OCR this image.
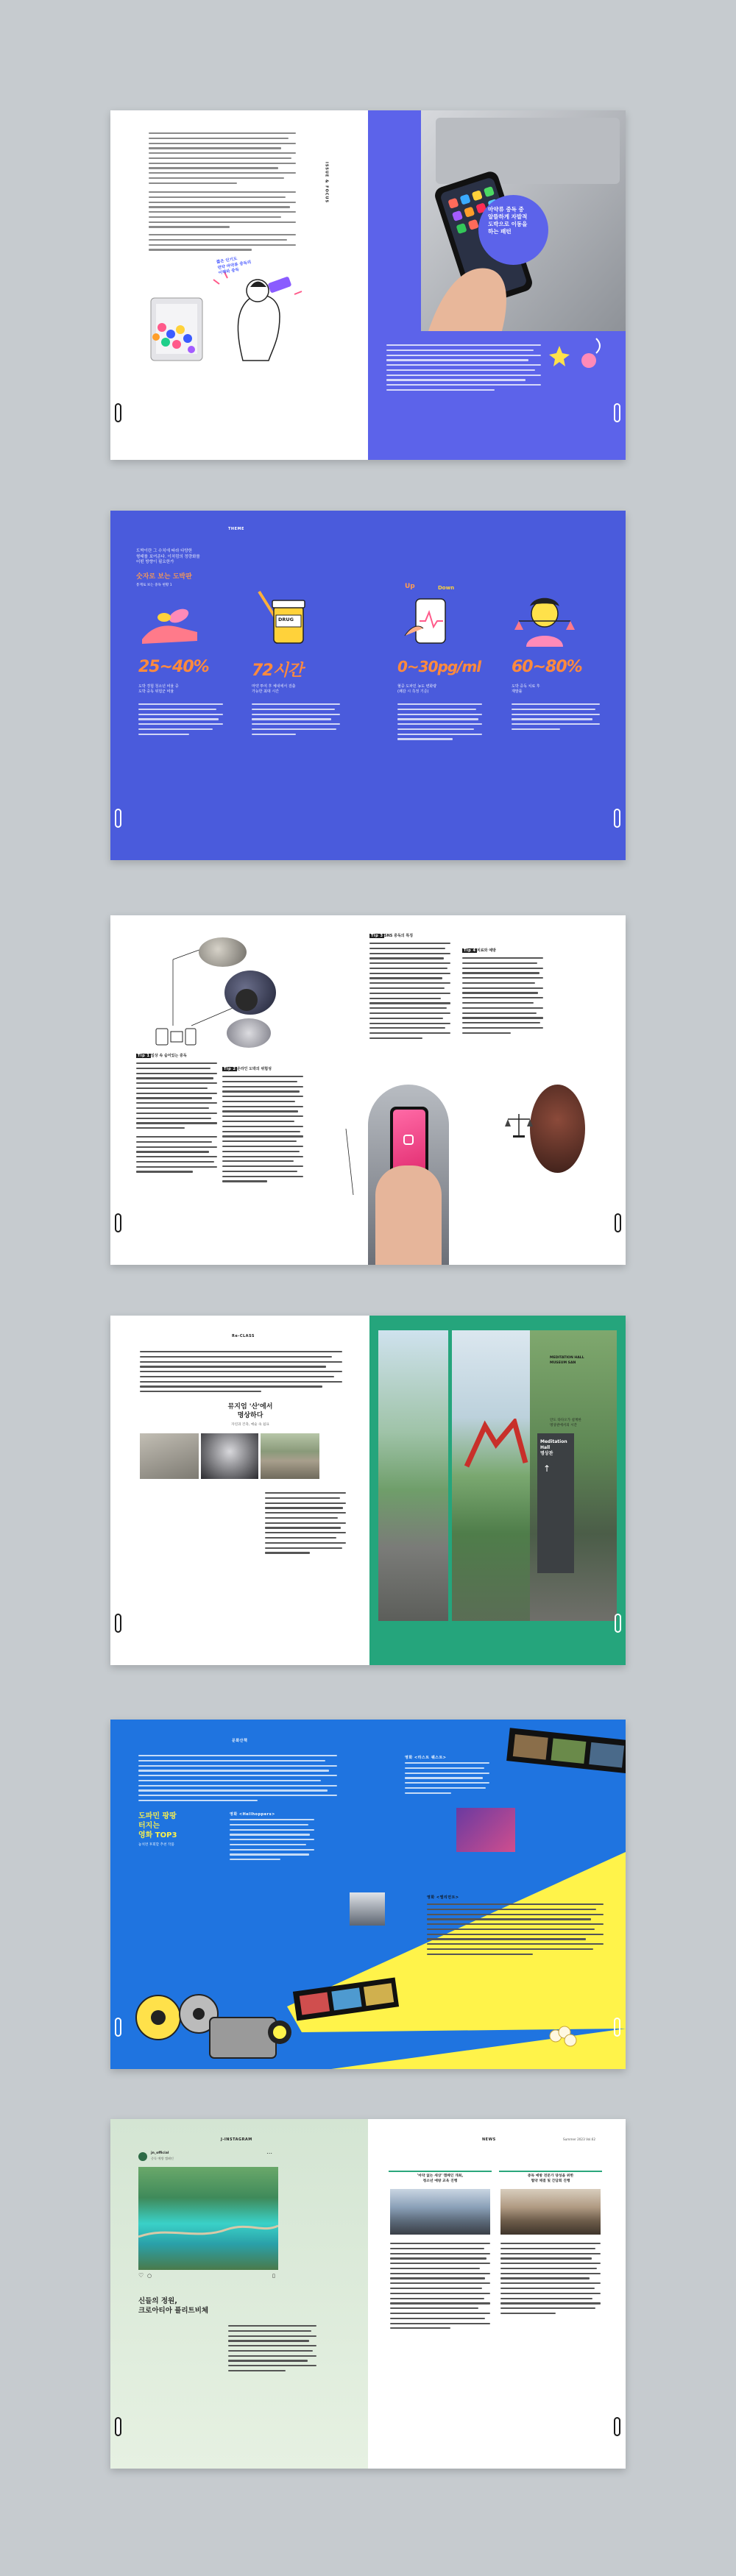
ISSUE & FOCUS
짧은 인기도
연약 마약류 중독의
이해와 중독
마약류 중독 중
알뜰하게 자발적
도박으로 이동을
하는 패턴
THEME
도박이란 그 수치에 따라 다양한
형태를 보여준다. 이처럼의 정량화를
어떤 방향이 필요한가
숫자로 보는 도박판
통계로 보는 중독 현황 1
DRUG
Up	Down
25~40%	72시간	0~30pg/ml 60~80%
도박 경험 청소년 비율 중
도박 중독 위험군 비율
마약 투여 후 체내에서 검출
가능한 최대 시간
혈중 도파민 농도 변화량
(쾌감 시 측정 기준)
도박 중독 치료 후
재발률
Tip 1 일상 속 숨어있는 중독
Tip 2 온라인 도박의 위험성
Tip 3 SNS 중독의 특징
Tip 4 치료와 예방
Re-CLASS
뮤지엄 '산'에서
명상하다
자연과 건축, 예술 속 쉼표
Meditation
Hall
명상관
↑
MEDITATION HALL
MUSEUM SAN
안도 타다오가 설계한
명상관에서의 시간
문화산책
도파민 팡팡
터지는
영화 TOP3
놓치면 후회할 추천 작품
영화 <Hellhoppers>
영화 <라스트 퀘스트>
영화 <엘리먼트>
J-INSTAGRAM
jn_official
중독 예방 캠페인
⋯
♡ ○	▯
신들의 정원,
크로아티아 플리트비체
NEWS	Summer 2023 Vol.62
'마약 없는 세상' 캠페인 개최,
청소년 예방 교육 진행
중독 예방 전문가 양성을 위한
협약 체결 및 간담회 진행
